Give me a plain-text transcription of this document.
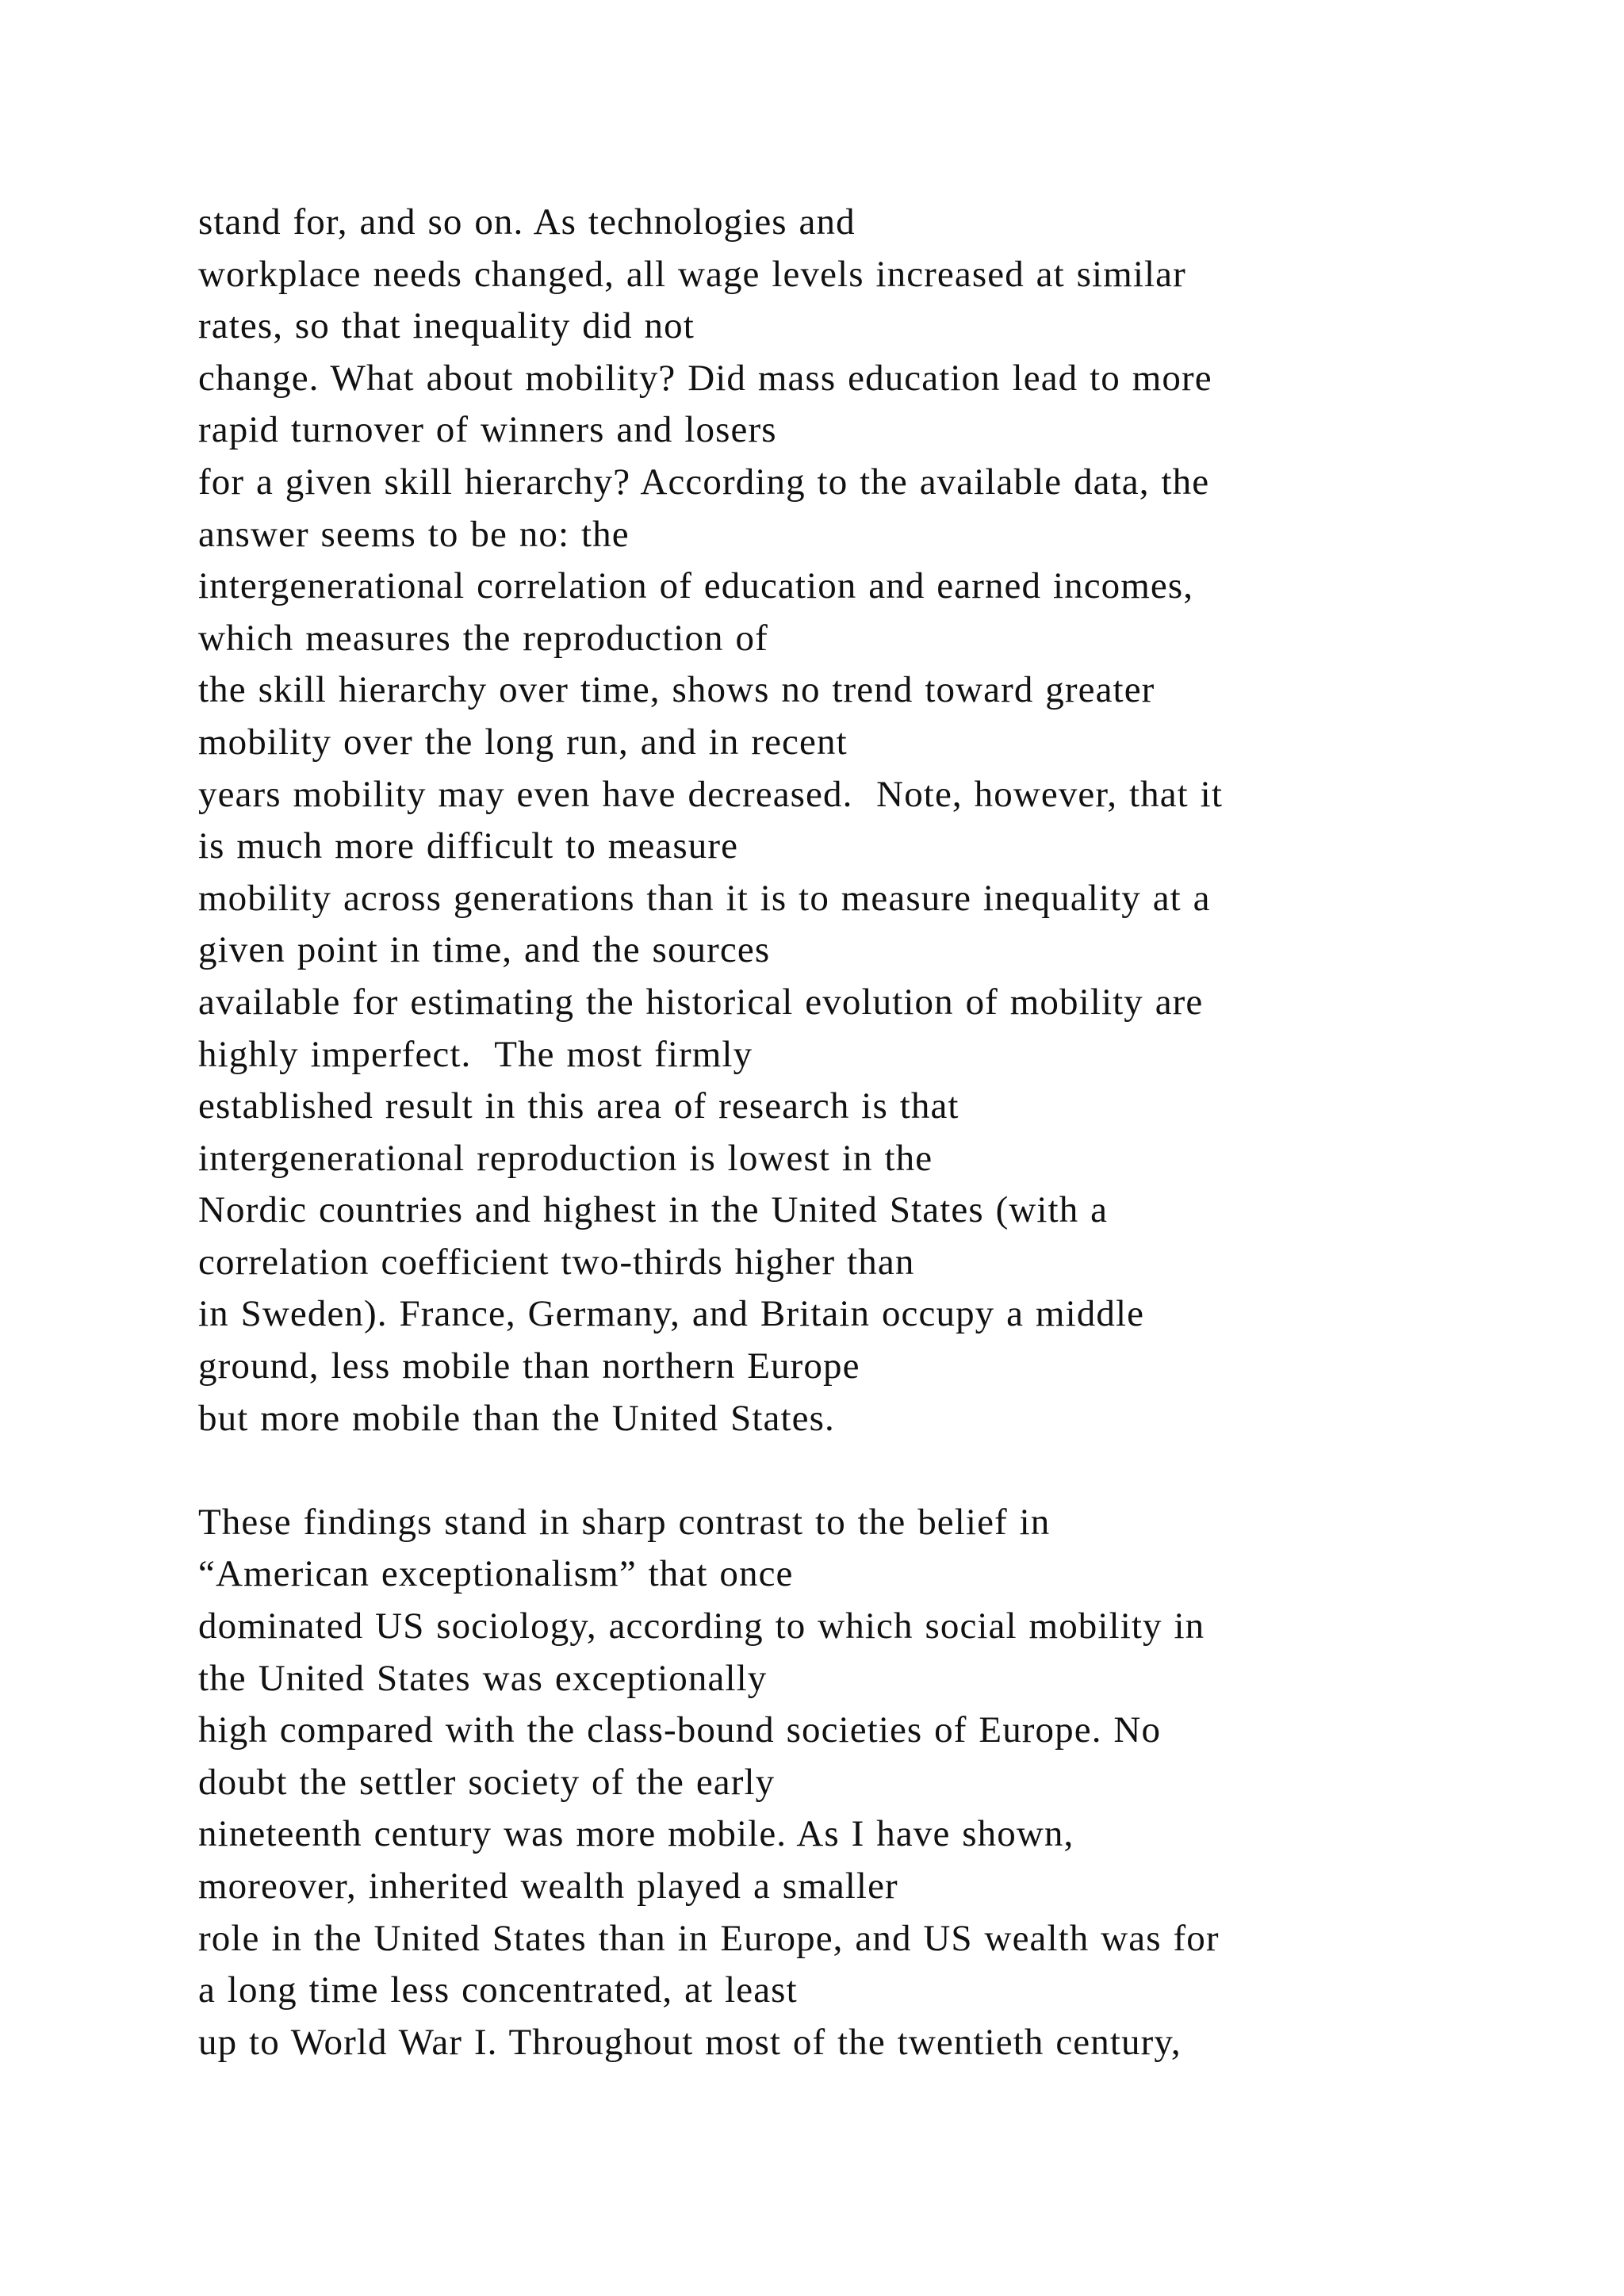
stand for, and so on. As technologies and
workplace needs changed, all wage levels increased at similar
rates, so that inequality did not
change. What about mobility? Did mass education lead to more
rapid turnover of winners and losers
for a given skill hierarchy? According to the available data, the
answer seems to be no: the
intergenerational correlation of education and earned incomes,
which measures the reproduction of
the skill hierarchy over time, shows no trend toward greater
mobility over the long run, and in recent
years mobility may even have decreased.  Note, however, that it
is much more difficult to measure
mobility across generations than it is to measure inequality at a
given point in time, and the sources
available for estimating the historical evolution of mobility are
highly imperfect.  The most firmly
established result in this area of research is that
intergenerational reproduction is lowest in the
Nordic countries and highest in the United States (with a
correlation coefficient two-thirds higher than
in Sweden). France, Germany, and Britain occupy a middle
ground, less mobile than northern Europe
but more mobile than the United States.
These findings stand in sharp contrast to the belief in
“American exceptionalism” that once
dominated US sociology, according to which social mobility in
the United States was exceptionally
high compared with the class-bound societies of Europe. No
doubt the settler society of the early
nineteenth century was more mobile. As I have shown,
moreover, inherited wealth played a smaller
role in the United States than in Europe, and US wealth was for
a long time less concentrated, at least
up to World War I. Throughout most of the twentieth century,
